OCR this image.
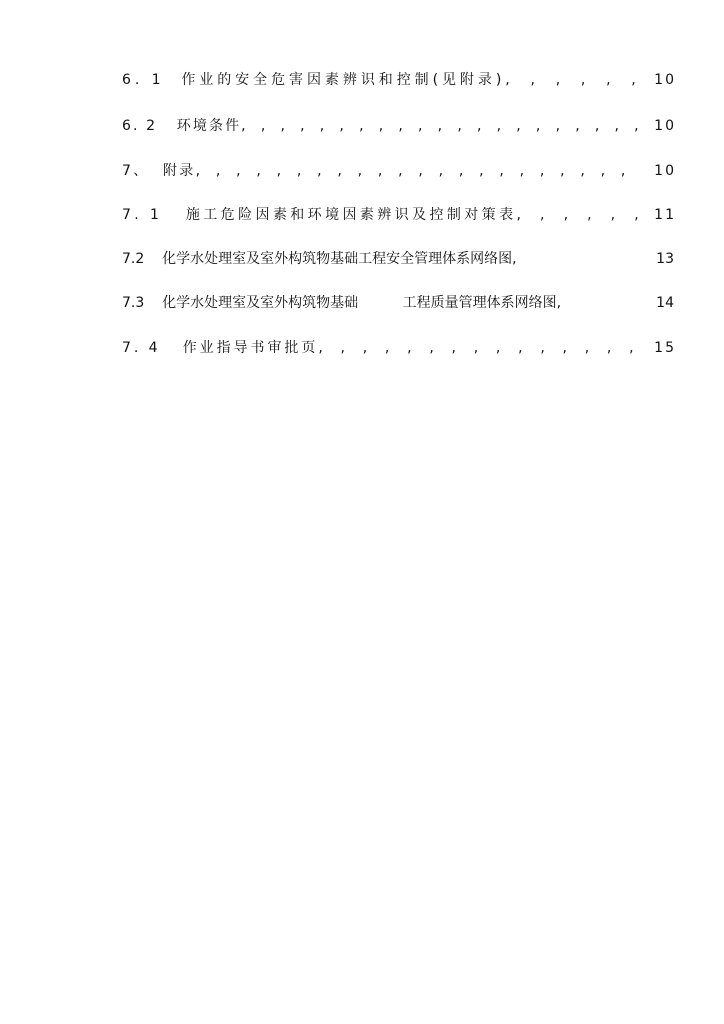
6. 1  作业的安全危害因素辨识和控制(见附录),  ,  ,  ,  ,  , 10
6. 2   环境条件,  ,  ,  ,  ,  ,  ,  ,  ,  ,  ,  ,  ,  ,  ,  ,  ,  ,  ,  ,  , 10
7、  附录,  ,  ,  ,  ,  ,  ,  ,  ,  ,  ,  ,  ,  ,  ,  ,  ,  ,  ,  ,  ,  , 10
7. 1   施工危险因素和环境因素辨识及控制对策表,  ,  ,  ,  ,  , 11
7.2    化学水处理室及室外构筑物基础工程安全管理体系网络图,	13
7.3    化学水处理室及室外构筑物基础          工程质量管理体系网络图,	14
7. 4   作业指导书审批页,  ,  ,  ,  ,  ,  ,  ,  ,  ,  ,  ,  ,  ,  , 15
